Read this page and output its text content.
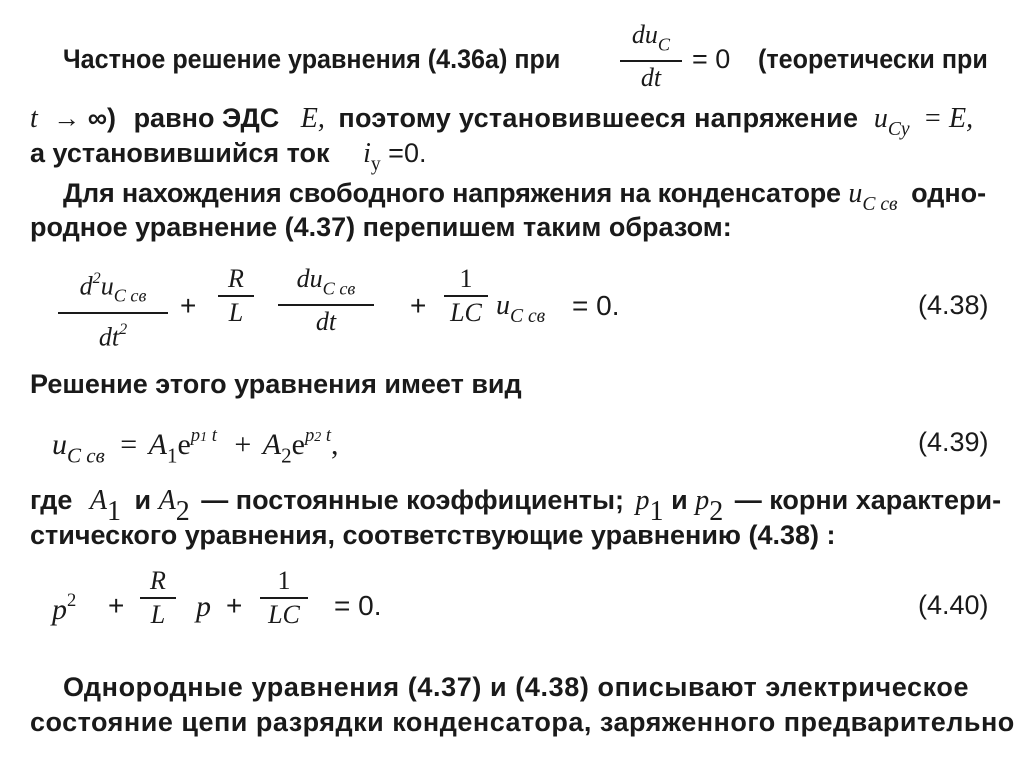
Частное решение уравнения (4.36а) при
$du_C$
dt
= 0 (теоретически при
t → ∞) равно ЭДС E, поэтому установившееся напряжение $u_{Cy} = E$,
а установившийся ток $i_у =0$.
Для нахождения свободного напряжения на конденсаторе $u_{C св}$ одно-
родное уравнение (4.37) перепишем таким образом:
$d^2u_{C св}$
$dt^2$
+
R
L
$du_{C св}$
dt
+
1
LC $u_{C св} = 0$.	(4.38)
Решение этого уравнения имеет вид
$u_{C св} = A_1e^{p1 t} + A_2e^{p2 t}$,	(4.39)
где A1 и A2 — постоянные коэффициенты; p1 и p2 — корни характери-
стического уравнения, соответствующие уравнению (4.38) :
$p^2$ +
R
L	p +
1
LC = 0.	(4.40)
Однородные уравнения (4.37) и (4.38) описывают электрическое
состояние цепи разрядки конденсатора, заряженного предварительно
